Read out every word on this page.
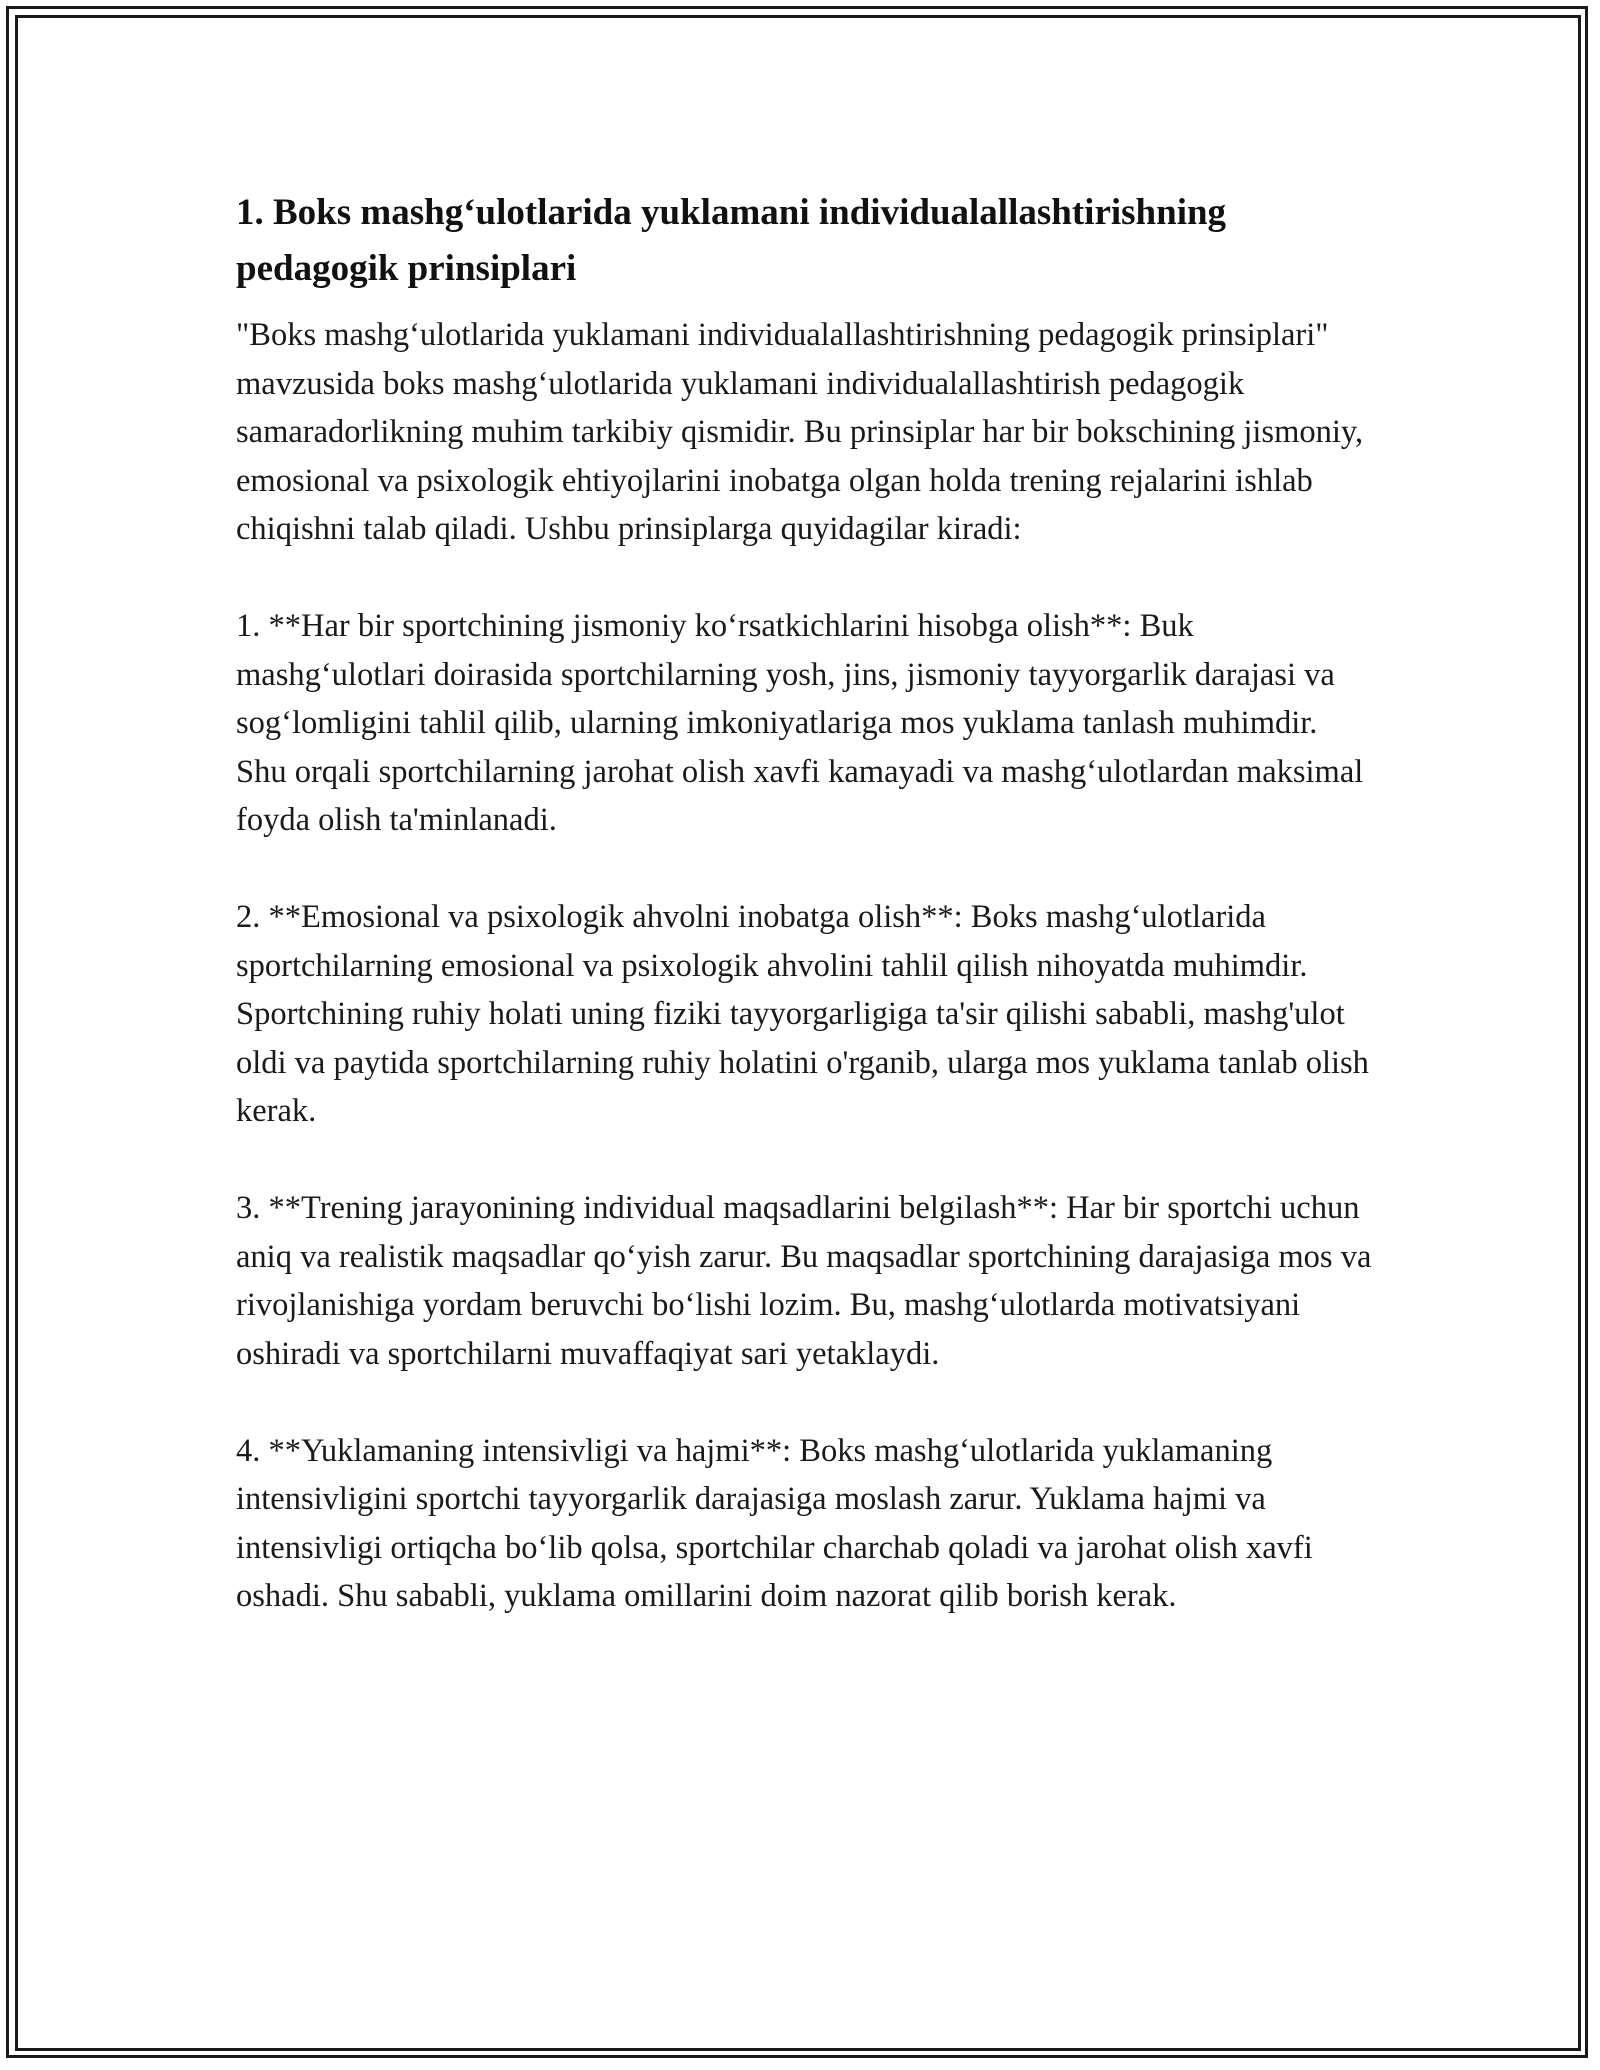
1. Boks mashg‘ulotlarida yuklamani individualallashtirishning pedagogik prinsiplari

"Boks mashg‘ulotlarida yuklamani individualallashtirishning pedagogik prinsiplari" mavzusida boks mashg‘ulotlarida yuklamani individualallashtirish pedagogik samaradorlikning muhim tarkibiy qismidir. Bu prinsiplar har bir bokschining jismoniy, emosional va psixologik ehtiyojlarini inobatga olgan holda trening rejalarini ishlab chiqishni talab qiladi. Ushbu prinsiplarga quyidagilar kiradi:

1. **Har bir sportchining jismoniy ko‘rsatkichlarini hisobga olish**: Buk mashg‘ulotlari doirasida sportchilarning yosh, jins, jismoniy tayyorgarlik darajasi va sog‘lomligini tahlil qilib, ularning imkoniyatlariga mos yuklama tanlash muhimdir. Shu orqali sportchilarning jarohat olish xavfi kamayadi va mashg‘ulotlardan maksimal foyda olish ta'minlanadi.

2. **Emosional va psixologik ahvolni inobatga olish**: Boks mashg‘ulotlarida sportchilarning emosional va psixologik ahvolini tahlil qilish nihoyatda muhimdir. Sportchining ruhiy holati uning fiziki tayyorgarligiga ta'sir qilishi sababli, mashg'ulot oldi va paytida sportchilarning ruhiy holatini o'rganib, ularga mos yuklama tanlab olish kerak.

3. **Trening jarayonining individual maqsadlarini belgilash**: Har bir sportchi uchun aniq va realistik maqsadlar qo‘yish zarur. Bu maqsadlar sportchining darajasiga mos va rivojlanishiga yordam beruvchi bo‘lishi lozim. Bu, mashg‘ulotlarda motivatsiyani oshiradi va sportchilarni muvaffaqiyat sari yetaklaydi.

4. **Yuklamaning intensivligi va hajmi**: Boks mashg‘ulotlarida yuklamaning intensivligini sportchi tayyorgarlik darajasiga moslash zarur. Yuklama hajmi va intensivligi ortiqcha bo‘lib qolsa, sportchilar charchab qoladi va jarohat olish xavfi oshadi. Shu sababli, yuklama omillarini doim nazorat qilib borish kerak.
